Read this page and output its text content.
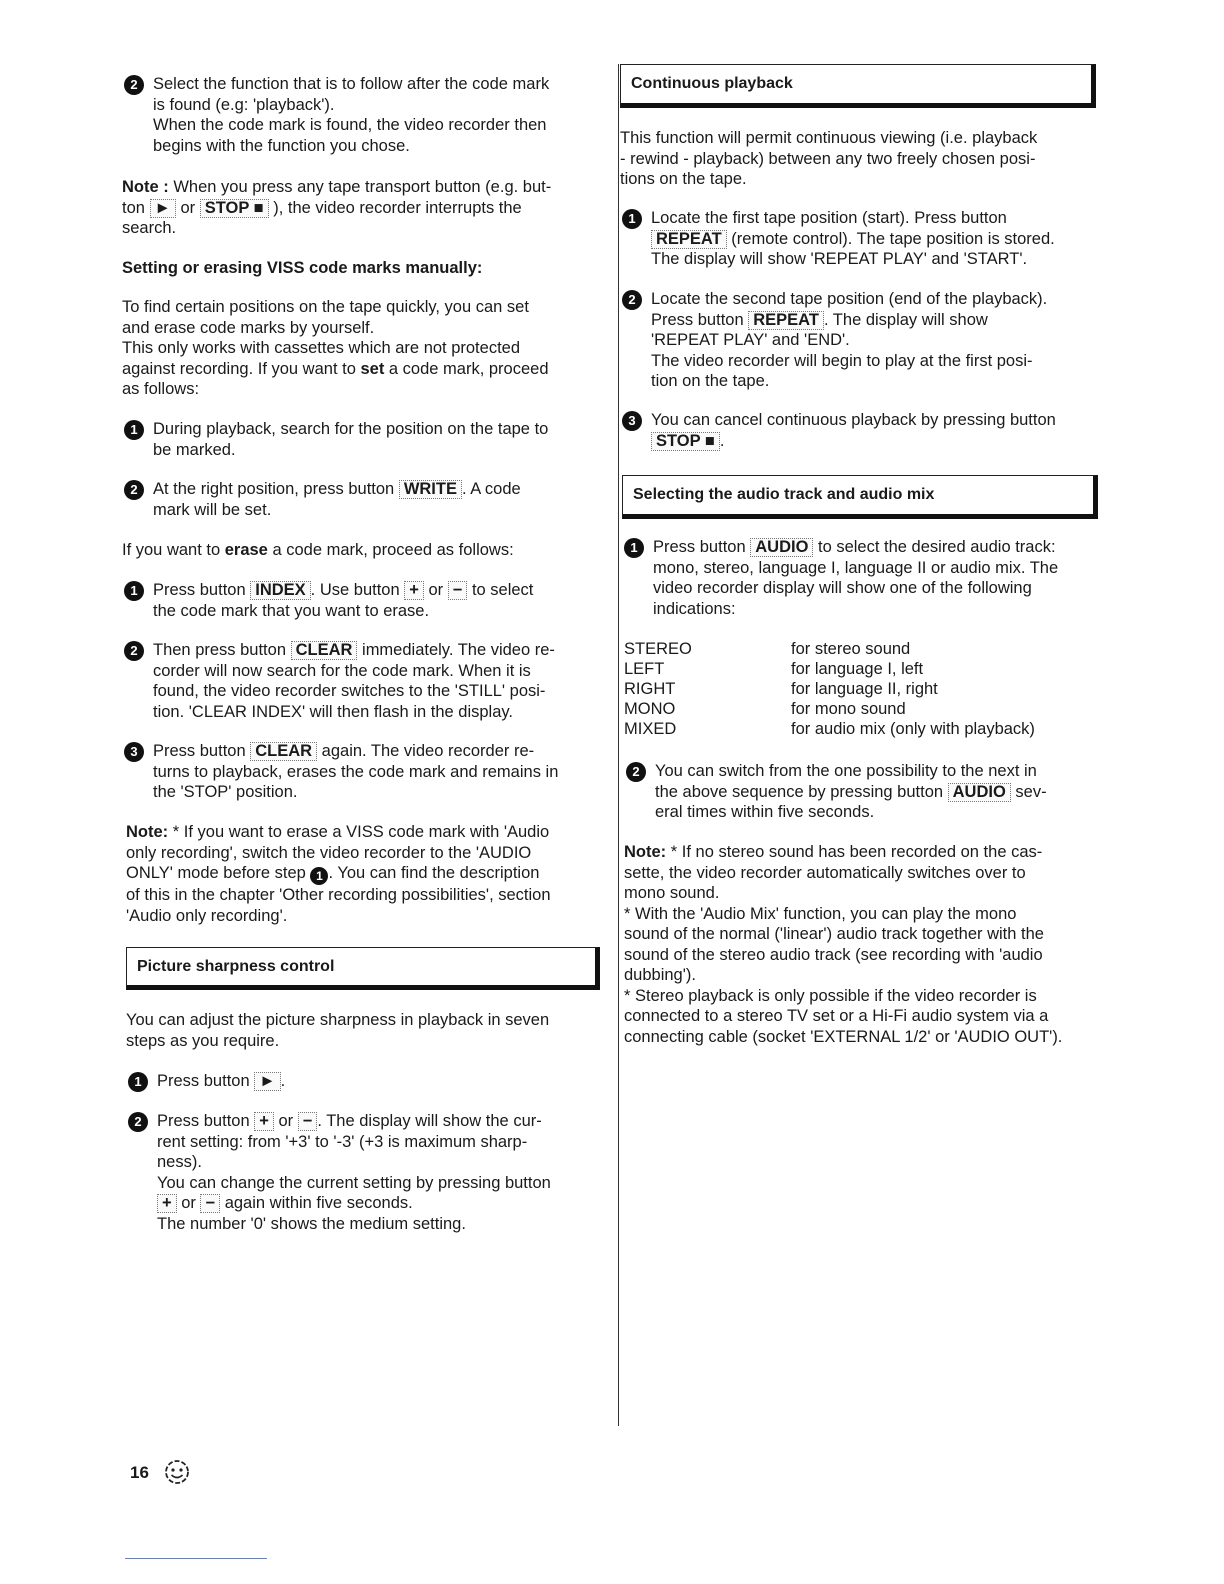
2 Select the function that is to follow after the code mark
is found (e.g: 'playback').
When the code mark is found, the video recorder then
begins with the function you chose.
Note : When you press any tape transport button (e.g. but-
ton ► or STOP ■ ), the video recorder interrupts the
search.
Setting or erasing VISS code marks manually:
To find certain positions on the tape quickly, you can set
and erase code marks by yourself.
This only works with cassettes which are not protected
against recording. If you want to set a code mark, proceed
as follows:
1 During playback, search for the position on the tape to
be marked.
2 At the right position, press button WRITE . A code
mark will be set.
If you want to erase a code mark, proceed as follows:
1 Press button INDEX . Use button + or − to select
the code mark that you want to erase.
2 Then press button CLEAR immediately. The video re-
corder will now search for the code mark. When it is
found, the video recorder switches to the 'STILL' posi-
tion. 'CLEAR INDEX' will then flash in the display.
3 Press button CLEAR again. The video recorder re-
turns to playback, erases the code mark and remains in
the 'STOP' position.
Note: * If you want to erase a VISS code mark with 'Audio
only recording', switch the video recorder to the 'AUDIO
ONLY' mode before step 1 . You can find the description
of this in the chapter 'Other recording possibilities', section
'Audio only recording'.
Picture sharpness control
You can adjust the picture sharpness in playback in seven
steps as you require.
1 Press button ► .
2 Press button + or − . The display will show the cur-
rent setting: from '+3' to '-3' (+3 is maximum sharp-
ness).
You can change the current setting by pressing button
+ or − again within five seconds.
The number '0' shows the medium setting.
Continuous playback
This function will permit continuous viewing (i.e. playback
- rewind - playback) between any two freely chosen posi-
tions on the tape.
1 Locate the first tape position (start). Press button
REPEAT (remote control). The tape position is stored.
The display will show 'REPEAT PLAY' and 'START'.
2 Locate the second tape position (end of the playback).
Press button REPEAT . The display will show
'REPEAT PLAY' and 'END'.
The video recorder will begin to play at the first posi-
tion on the tape.
3 You can cancel continuous playback by pressing button
STOP ■ .
Selecting the audio track and audio mix
1 Press button AUDIO to select the desired audio track:
mono, stereo, language I, language II or audio mix. The
video recorder display will show one of the following
indications:
STEREO	for stereo sound
LEFT	for language I, left
RIGHT	for language II, right
MONO	for mono sound
MIXED	for audio mix (only with playback)
2 You can switch from the one possibility to the next in
the above sequence by pressing button AUDIO sev-
eral times within five seconds.
Note: * If no stereo sound has been recorded on the cas-
sette, the video recorder automatically switches over to
mono sound.
* With the 'Audio Mix' function, you can play the mono
sound of the normal ('linear') audio track together with the
sound of the stereo audio track (see recording with 'audio
dubbing').
* Stereo playback is only possible if the video recorder is
connected to a stereo TV set or a Hi-Fi audio system via a
connecting cable (socket 'EXTERNAL 1/2' or 'AUDIO OUT').
16
